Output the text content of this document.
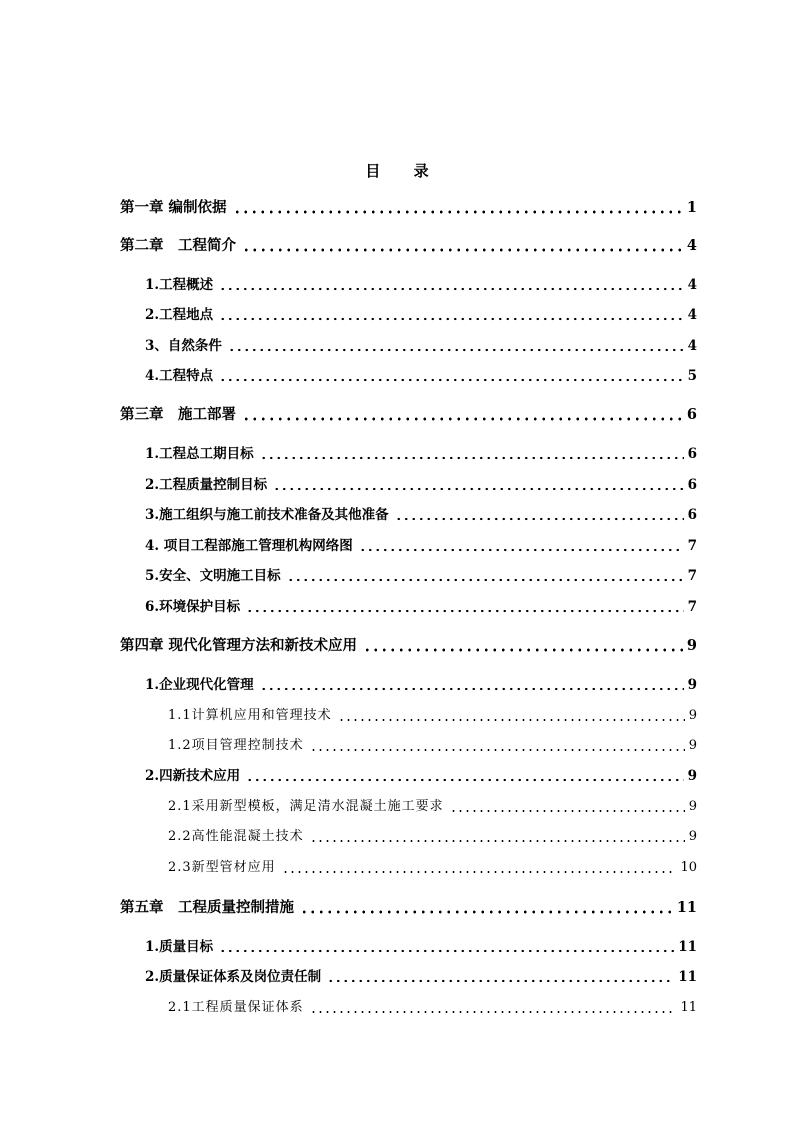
目 录
第一章 编制依据	1
第二章　工程简介	4
1.工程概述	4
2.工程地点	4
3、自然条件	4
4.工程特点	5
第三章　施工部署	6
1.工程总工期目标	6
2.工程质量控制目标	6
3.施工组织与施工前技术准备及其他准备	6
4. 项目工程部施工管理机构网络图	7
5.安全、文明施工目标	7
6.环境保护目标	7
第四章 现代化管理方法和新技术应用	9
1.企业现代化管理	9
1.1计算机应用和管理技术	9
1.2项目管理控制技术	9
2.四新技术应用	9
2.1采用新型模板，满足清水混凝土施工要求	9
2.2高性能混凝土技术	9
2.3新型管材应用	10
第五章　工程质量控制措施	11
1.质量目标	11
2.质量保证体系及岗位责任制	11
2.1工程质量保证体系	11
